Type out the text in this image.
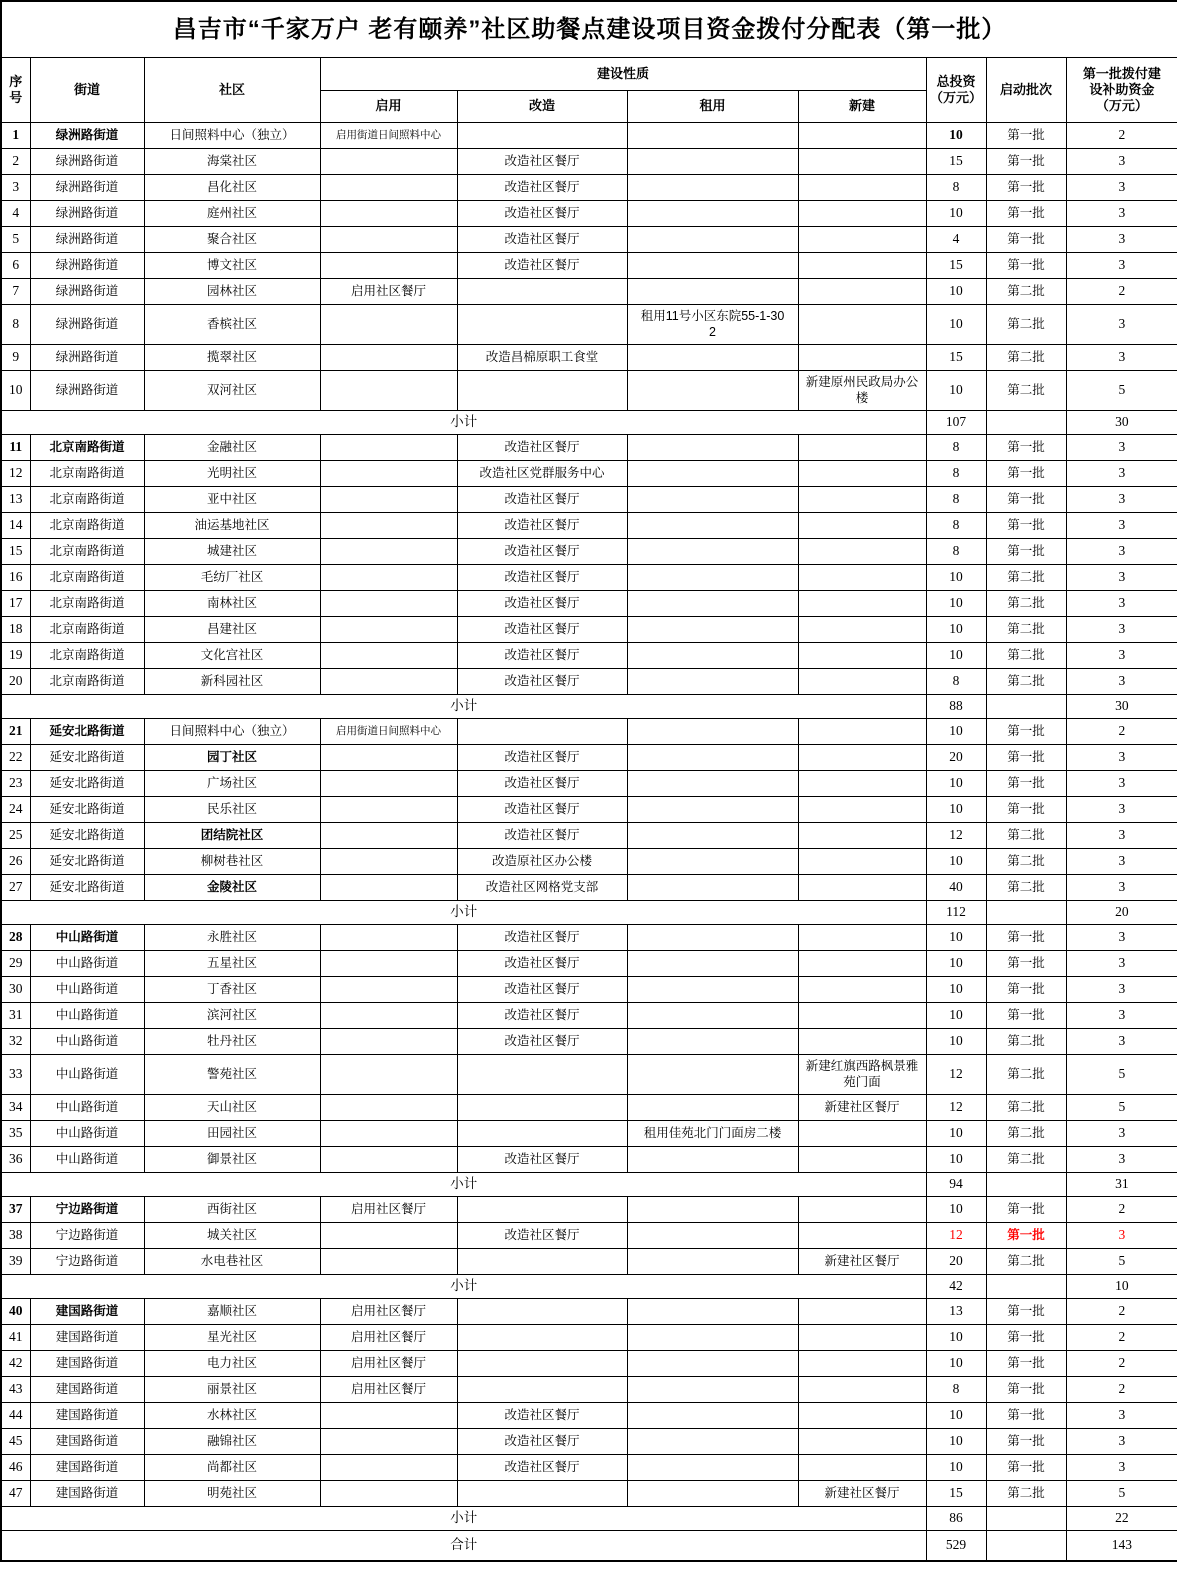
昌吉市“千家万户 老有颐养”社区助餐点建设项目资金拨付分配表（第一批）									
序号	街道	社区	建设性质				总投资（万元）	启动批次	第一批拨付建设补助资金（万元）
			启用	改造	租用	新建			
1	绿洲路街道	日间照料中心（独立）	启用街道日间照料中心				10	第一批	2
2	绿洲路街道	海棠社区		改造社区餐厅			15	第一批	3
3	绿洲路街道	昌化社区		改造社区餐厅			8	第一批	3
4	绿洲路街道	庭州社区		改造社区餐厅			10	第一批	3
5	绿洲路街道	聚合社区		改造社区餐厅			4	第一批	3
6	绿洲路街道	博文社区		改造社区餐厅			15	第一批	3
7	绿洲路街道	园林社区	启用社区餐厅				10	第二批	2
8	绿洲路街道	香槟社区			租用11号小区东院55-1-302		10	第二批	3
9	绿洲路街道	揽翠社区		改造昌棉原职工食堂			15	第二批	3
10	绿洲路街道	双河社区				新建原州民政局办公楼	10	第二批	5
小计							107		30
11	北京南路街道	金融社区		改造社区餐厅			8	第一批	3
12	北京南路街道	光明社区		改造社区党群服务中心			8	第一批	3
13	北京南路街道	亚中社区		改造社区餐厅			8	第一批	3
14	北京南路街道	油运基地社区		改造社区餐厅			8	第一批	3
15	北京南路街道	城建社区		改造社区餐厅			8	第一批	3
16	北京南路街道	毛纺厂社区		改造社区餐厅			10	第二批	3
17	北京南路街道	南林社区		改造社区餐厅			10	第二批	3
18	北京南路街道	昌建社区		改造社区餐厅			10	第二批	3
19	北京南路街道	文化宫社区		改造社区餐厅			10	第二批	3
20	北京南路街道	新科园社区		改造社区餐厅			8	第二批	3
小计							88		30
21	延安北路街道	日间照料中心（独立）	启用街道日间照料中心				10	第一批	2
22	延安北路街道	园丁社区		改造社区餐厅			20	第一批	3
23	延安北路街道	广场社区		改造社区餐厅			10	第一批	3
24	延安北路街道	民乐社区		改造社区餐厅			10	第一批	3
25	延安北路街道	团结院社区		改造社区餐厅			12	第二批	3
26	延安北路街道	柳树巷社区		改造原社区办公楼			10	第二批	3
27	延安北路街道	金陵社区		改造社区网格党支部			40	第二批	3
小计							112		20
28	中山路街道	永胜社区		改造社区餐厅			10	第一批	3
29	中山路街道	五星社区		改造社区餐厅			10	第一批	3
30	中山路街道	丁香社区		改造社区餐厅			10	第一批	3
31	中山路街道	滨河社区		改造社区餐厅			10	第一批	3
32	中山路街道	牡丹社区		改造社区餐厅			10	第二批	3
33	中山路街道	警苑社区				新建红旗西路枫景雅苑门面	12	第二批	5
34	中山路街道	天山社区				新建社区餐厅	12	第二批	5
35	中山路街道	田园社区			租用佳苑北门门面房二楼		10	第二批	3
36	中山路街道	御景社区		改造社区餐厅			10	第二批	3
小计							94		31
37	宁边路街道	西街社区	启用社区餐厅				10	第一批	2
38	宁边路街道	城关社区		改造社区餐厅			12	第一批	3
39	宁边路街道	水电巷社区				新建社区餐厅	20	第二批	5
小计							42		10
40	建国路街道	嘉顺社区	启用社区餐厅				13	第一批	2
41	建国路街道	星光社区	启用社区餐厅				10	第一批	2
42	建国路街道	电力社区	启用社区餐厅				10	第一批	2
43	建国路街道	丽景社区	启用社区餐厅				8	第一批	2
44	建国路街道	水林社区		改造社区餐厅			10	第一批	3
45	建国路街道	融锦社区		改造社区餐厅			10	第一批	3
46	建国路街道	尚都社区		改造社区餐厅			10	第一批	3
47	建国路街道	明苑社区				新建社区餐厅	15	第二批	5
小计							86		22
合计							529		143
